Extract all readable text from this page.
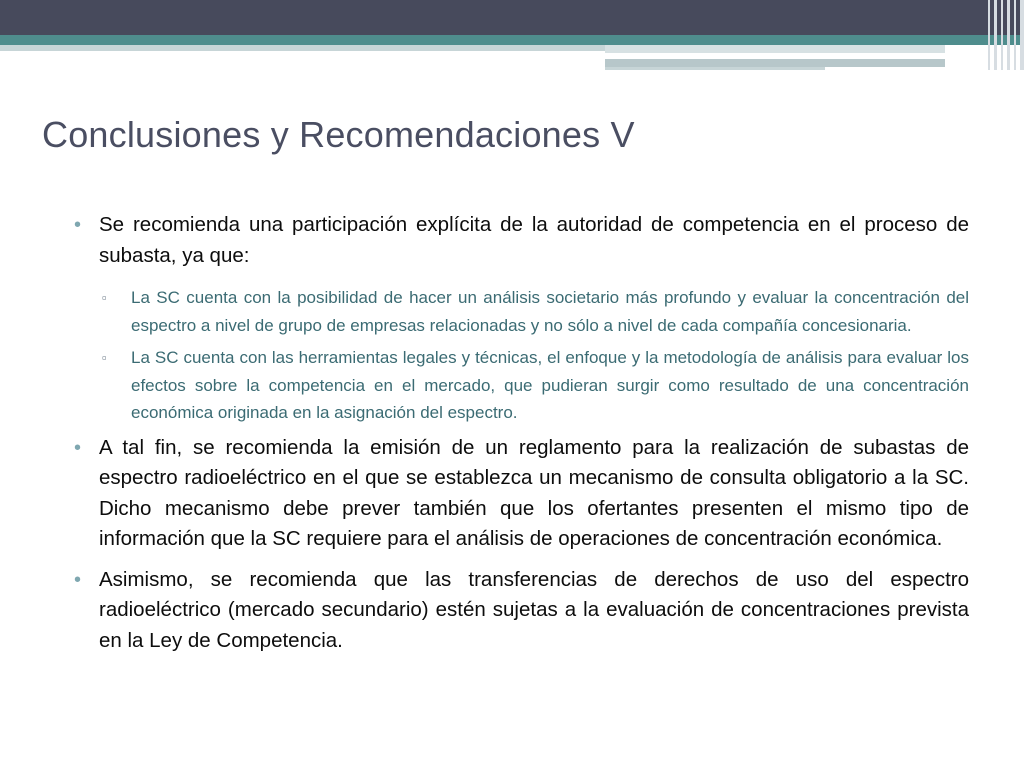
Conclusiones y Recomendaciones V
• Se recomienda una participación explícita de la autoridad de competencia en el proceso de subasta, ya que:
▫ La SC cuenta con la posibilidad de hacer un análisis societario más profundo y evaluar la concentración del espectro a nivel de grupo de empresas relacionadas y no sólo a nivel de cada compañía concesionaria.
▫ La SC cuenta con las herramientas legales y técnicas, el enfoque y la metodología de análisis para evaluar los efectos sobre la competencia en el mercado, que pudieran surgir como resultado de una concentración económica originada en la asignación del espectro.
• A tal fin, se recomienda la emisión de un reglamento para la realización de subastas de espectro radioeléctrico en el que se establezca un mecanismo de consulta obligatorio a la SC. Dicho mecanismo debe prever también que los ofertantes presenten el mismo tipo de información que la SC requiere para el análisis de operaciones de concentración económica.
• Asimismo, se recomienda que las transferencias de derechos de uso del espectro radioeléctrico (mercado secundario) estén sujetas a la evaluación de concentraciones prevista en la Ley de Competencia.
